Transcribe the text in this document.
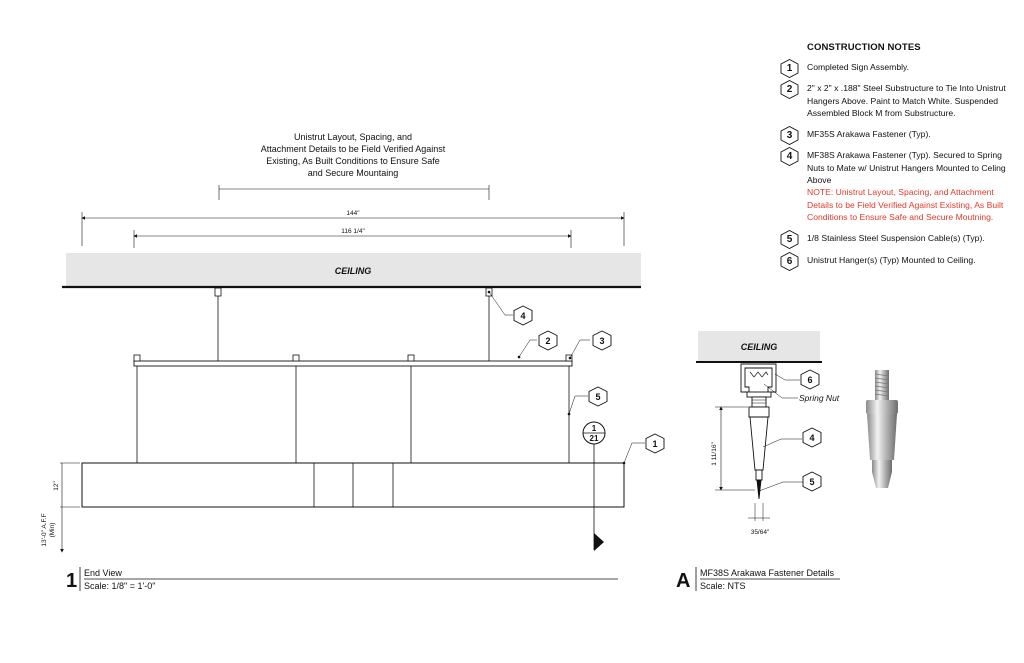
Unistrut Layout, Spacing, and
Attachment Details to be Field Verified Against
Existing, As Built Conditions to Ensure Safe
and Secure Mountaing
144"
116 1/4"
CEILING
12"
13'-0" A.F.F (Min)
1
21
4
2	3
5
1
1 End View
Scale: 1/8" = 1'-0"
CEILING
1 11/16"
35/64"
Spring Nut
6
4
5
A MF38S Arakawa Fastener Details
Scale: NTS
CONSTRUCTION NOTES
1	Completed Sign Assembly.
2	2" x 2" x .188" Steel Substructure to Tie Into Unistrut Hangers Above. Paint to Match White. Suspended Assembled Block M from Substructure.
3	MF35S Arakawa Fastener (Typ).
4	MF38S Arakawa Fastener (Typ). Secured to Spring Nuts to Mate w/ Unistrut Hangers Mounted to Celing Above
NOTE: Unistrut Layout, Spacing, and Attachment Details to be Field Verified Against Existing, As Built Conditions to Ensure Safe and Secure Moutning.
5	1/8 Stainless Steel Suspension Cable(s) (Typ).
6	Unistrut Hanger(s) (Typ) Mounted to Ceiling.
